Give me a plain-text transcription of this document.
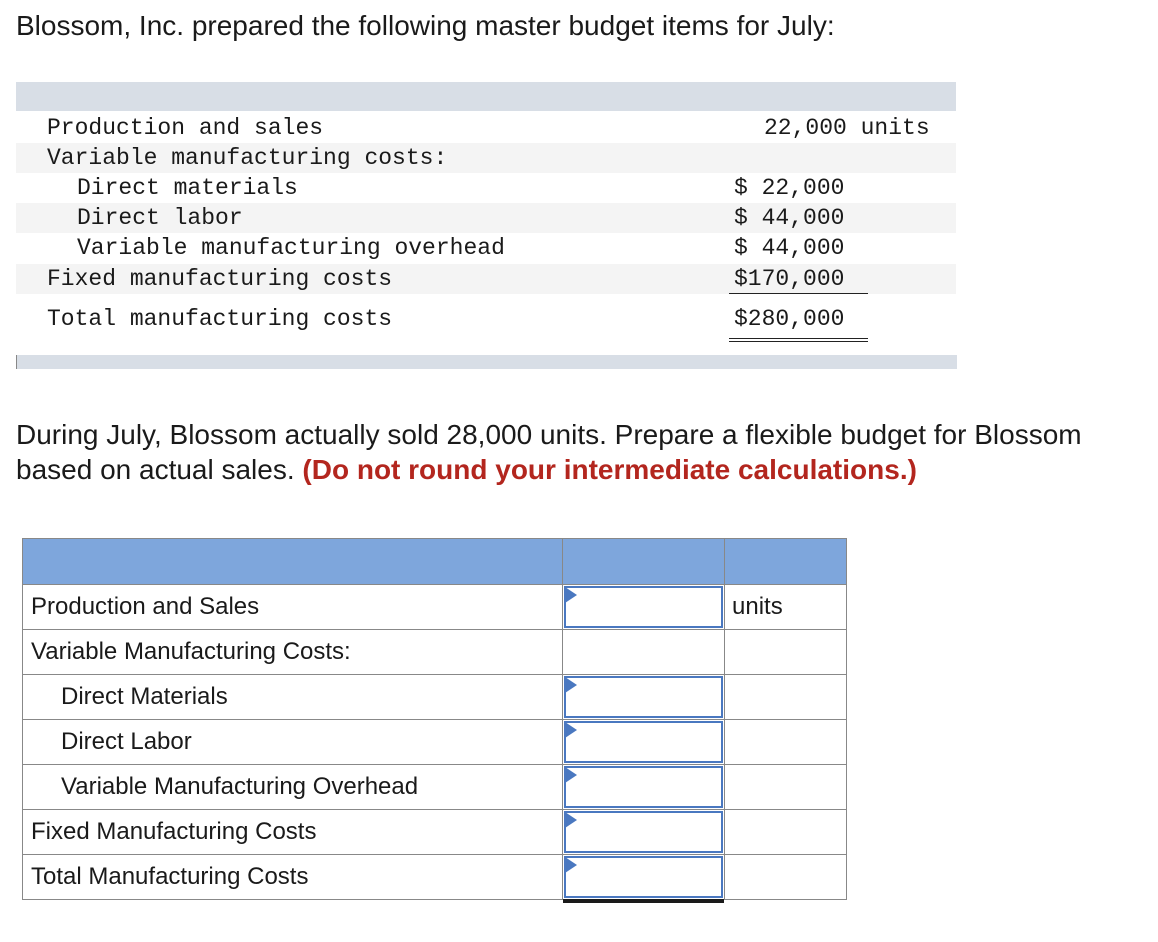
Blossom, Inc. prepared the following master budget items for July:

Production and sales	22,000 units
Variable manufacturing costs:
Direct materials	$ 22,000
Direct labor	$ 44,000
Variable manufacturing overhead	$ 44,000
Fixed manufacturing costs	$170,000
Total manufacturing costs	$280,000

During July, Blossom actually sold 28,000 units. Prepare a flexible budget for Blossom based on actual sales. (Do not round your intermediate calculations.)

Production and Sales		units
Variable Manufacturing Costs:		
Direct Materials	

Direct Labor	

Variable Manufacturing Overhead	

Fixed Manufacturing Costs	

Total Manufacturing Costs	
